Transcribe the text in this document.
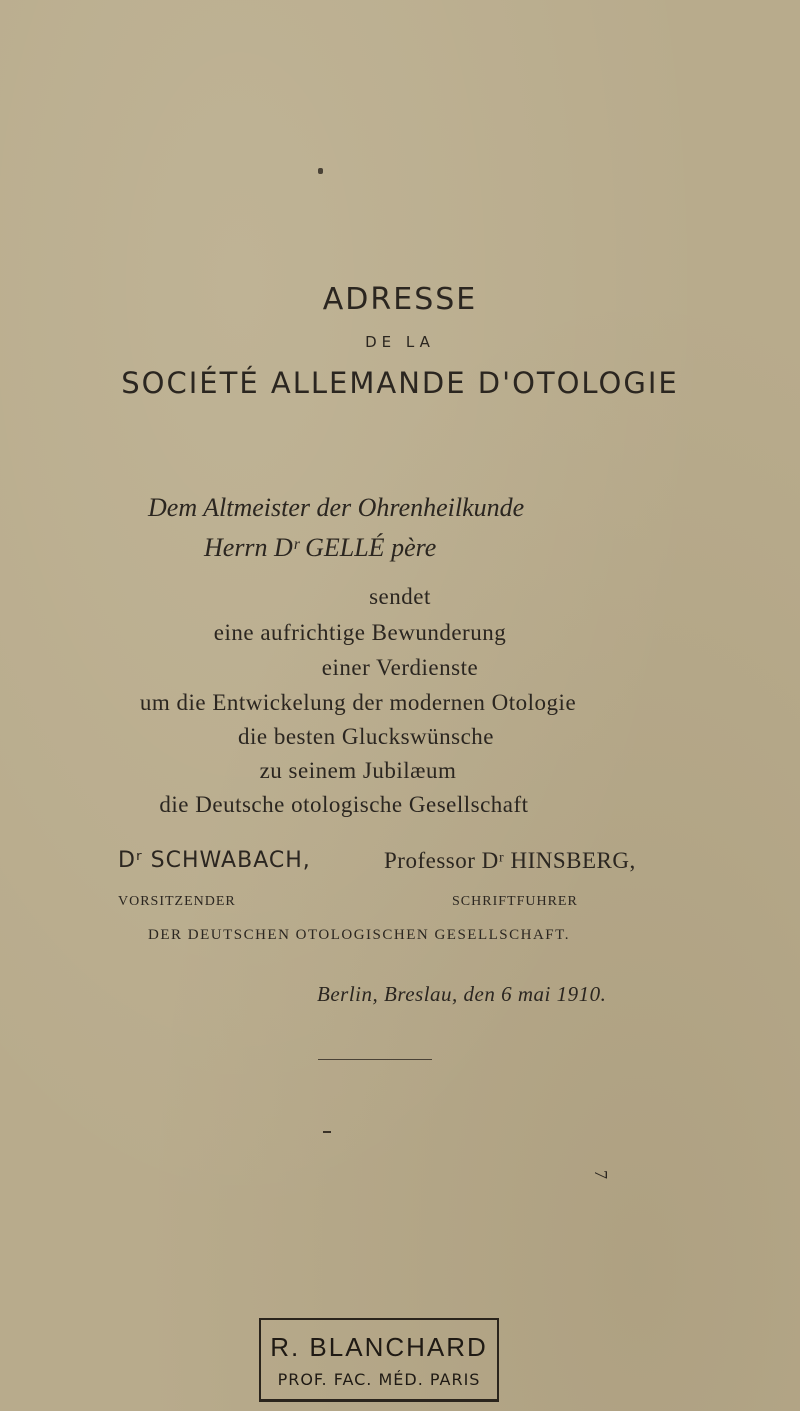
ADRESSE
DE LA
SOCIÉTÉ ALLEMANDE D'OTOLOGIE
Dem Altmeister der Ohrenheilkunde
Herrn Dʳ GELLÉ père
sendet
eine aufrichtige Bewunderung
einer Verdienste
um die Entwickelung der modernen Otologie
die besten Gluckswünsche
zu seinem Jubilæum
die Deutsche otologische Gesellschaft
Dʳ SCHWABACH,	Professor Dʳ HINSBERG,
VORSITZENDER	SCHRIFTFUHRER
DER DEUTSCHEN OTOLOGISCHEN GESELLSCHAFT.
Berlin, Breslau, den 6 mai 1910.
7
R. BLANCHARD
PROF. FAC. MÉD. PARIS
